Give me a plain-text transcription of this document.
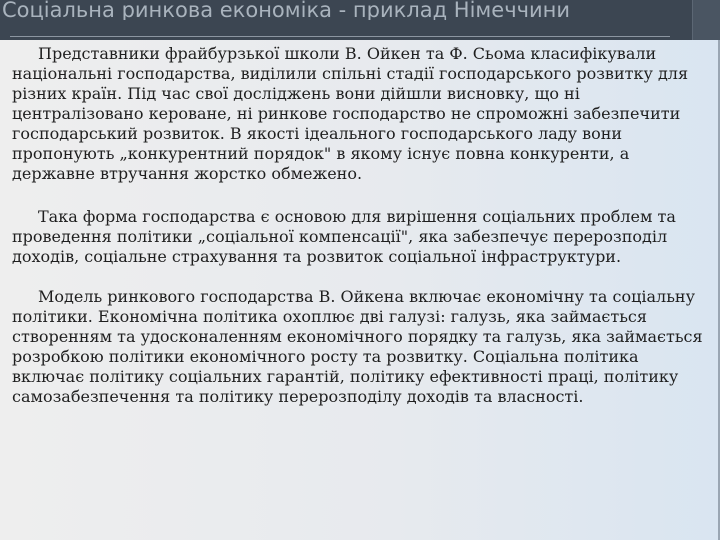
Соціальна ринкова економіка - приклад Німеччини

Представники фрайбурзької школи В. Ойкен та Ф. Сьома класифікували національні господарства, виділили спільні стадії господарського розвитку для різних країн. Під час свої досліджень вони дійшли висновку, що ні централізовано кероване, ні ринкове господарство не спроможні забезпечити господарський розвиток. В якості ідеального господарського ладу вони пропонують „конкурентний порядок" в якому існує повна конкуренти, а державне втручання жорстко обмежено.

Така форма господарства є основою для вирішення соціальних проблем та проведення політики „соціальної компенсації", яка забезпечує перерозподіл доходів, соціальне страхування та розвиток соціальної інфраструктури.

Модель ринкового господарства В. Ойкена включає економічну та соціальну політики. Економічна політика охоплює дві галузі: галузь, яка займається створенням та удосконаленням економічного порядку та галузь, яка займається розробкою політики економічного росту та розвитку. Соціальна політика включає політику соціальних гарантій, політику ефективності праці, політику самозабезпечення та політику перерозподілу доходів та власності.
